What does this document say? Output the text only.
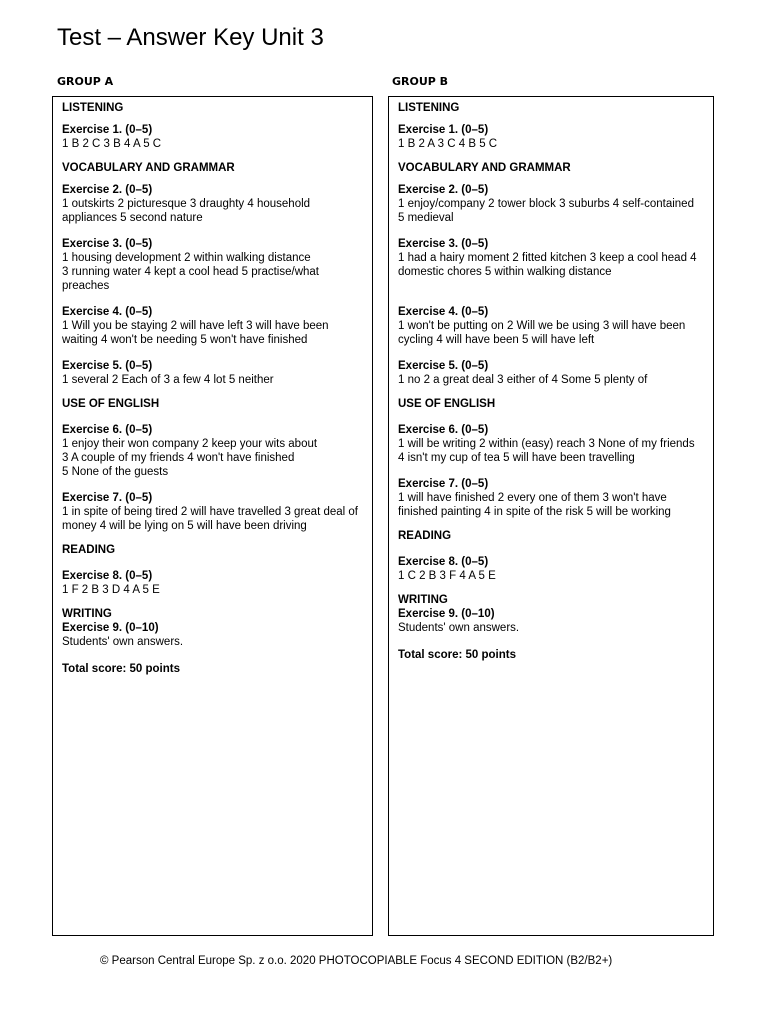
Test – Answer Key Unit 3
GROUP A	GROUP B
LISTENING
Exercise 1. (0–5)
1 B 2 C 3 B 4 A 5 C
VOCABULARY AND GRAMMAR
Exercise 2. (0–5)
1 outskirts 2 picturesque 3 draughty 4 household appliances 5 second nature
Exercise 3. (0–5)
1 housing development 2 within walking distance
3 running water 4 kept a cool head 5 practise/what preaches
Exercise 4. (0–5)
1 Will you be staying 2 will have left 3 will have been waiting 4 won't be needing 5 won't have finished
Exercise 5. (0–5)
1 several 2 Each of 3 a few 4 lot 5 neither
USE OF ENGLISH
Exercise 6. (0–5)
1 enjoy their won company 2 keep your wits about
3 A couple of my friends 4 won't have finished
5 None of the guests
Exercise 7. (0–5)
1 in spite of being tired 2 will have travelled 3 great deal of money 4 will be lying on 5 will have been driving
READING
Exercise 8. (0–5)
1 F 2 B 3 D 4 A 5 E
WRITING
Exercise 9. (0–10)
Students' own answers.
Total score: 50 points
LISTENING
Exercise 1. (0–5)
1 B 2 A 3 C 4 B 5 C
VOCABULARY AND GRAMMAR
Exercise 2. (0–5)
1 enjoy/company 2 tower block 3 suburbs 4 self-contained 5 medieval
Exercise 3. (0–5)
1 had a hairy moment 2 fitted kitchen 3 keep a cool head 4 domestic chores 5 within walking distance
Exercise 4. (0–5)
1 won't be putting on 2 Will we be using 3 will have been cycling 4 will have been 5 will have left
Exercise 5. (0–5)
1 no 2 a great deal 3 either of 4 Some 5 plenty of
USE OF ENGLISH
Exercise 6. (0–5)
1 will be writing 2 within (easy) reach 3 None of my friends 4 isn't my cup of tea 5 will have been travelling
Exercise 7. (0–5)
1 will have finished 2 every one of them 3 won't have finished painting 4 in spite of the risk 5 will be working
READING
Exercise 8. (0–5)
1 C 2 B 3 F 4 A 5 E
WRITING
Exercise 9. (0–10)
Students' own answers.
Total score: 50 points
© Pearson Central Europe Sp. z o.o. 2020 PHOTOCOPIABLE Focus 4 SECOND EDITION (B2/B2+)
